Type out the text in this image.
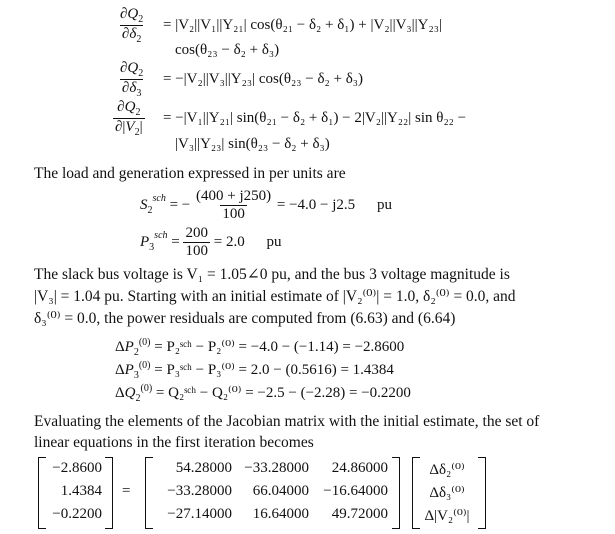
$\frac{\partial Q_2}{\partial\delta_2} = |V_2||V_1||Y_{21}|$ cos(θ₂₁ − δ₂ + δ₁) + |V₂||V₃||Y₂₃|
cos(θ₂₃ − δ₂ + δ₃)
$\frac{\partial Q_2}{\partial\delta_3} = -|V_2||V_3||Y_{23}|$ cos(θ₂₃ − δ₂ + δ₃)
$\frac{\partial Q_2}{\partial|V_2|} = -|V_1||Y_{21}|$ sin(θ₂₁ − δ₂ + δ₁) − 2|V₂||Y₂₂| sin θ₂₂ −
|V₃||Y₂₃| sin(θ₂₃ − δ₂ + δ₃)
The load and generation expressed in per units are
$S_2^{sch}$ = − $\frac{(400 + j250)}{100} = -4.0 - j2.5$ pu
$P_3^{sch} = \frac{200}{100} = 2.0$ pu
The slack bus voltage is V₁ = 1.05∠0 pu, and the bus 3 voltage magnitude is
|V₃| = 1.04 pu. Starting with an initial estimate of |V₂⁽⁰⁾| = 1.0, δ₂⁽⁰⁾ = 0.0, and
δ₃⁽⁰⁾ = 0.0, the power residuals are computed from (6.63) and (6.64)
$\Delta P_2^{(0)}$ = P₂ˢᶜʰ − P₂⁽⁰⁾ = −4.0 − (−1.14) = −2.8600
$\Delta P_3^{(0)}$ = P₃ˢᶜʰ − P₃⁽⁰⁾ = 2.0 − (0.5616) = 1.4384
$\Delta Q_2^{(0)}$ = Q₂ˢᶜʰ − Q₂⁽⁰⁾ = −2.5 − (−2.28) = −0.2200
Evaluating the elements of the Jacobian matrix with the initial estimate, the set of
linear equations in the first iteration becomes
−2.8600
1.4384
−0.2200
=
54.28000 −33.28000	24.86000
−33.28000	66.04000 −16.64000
−27.14000	16.64000	49.72000
Δδ₂⁽⁰⁾
Δδ₃⁽⁰⁾
Δ|V₂⁽⁰⁾|
